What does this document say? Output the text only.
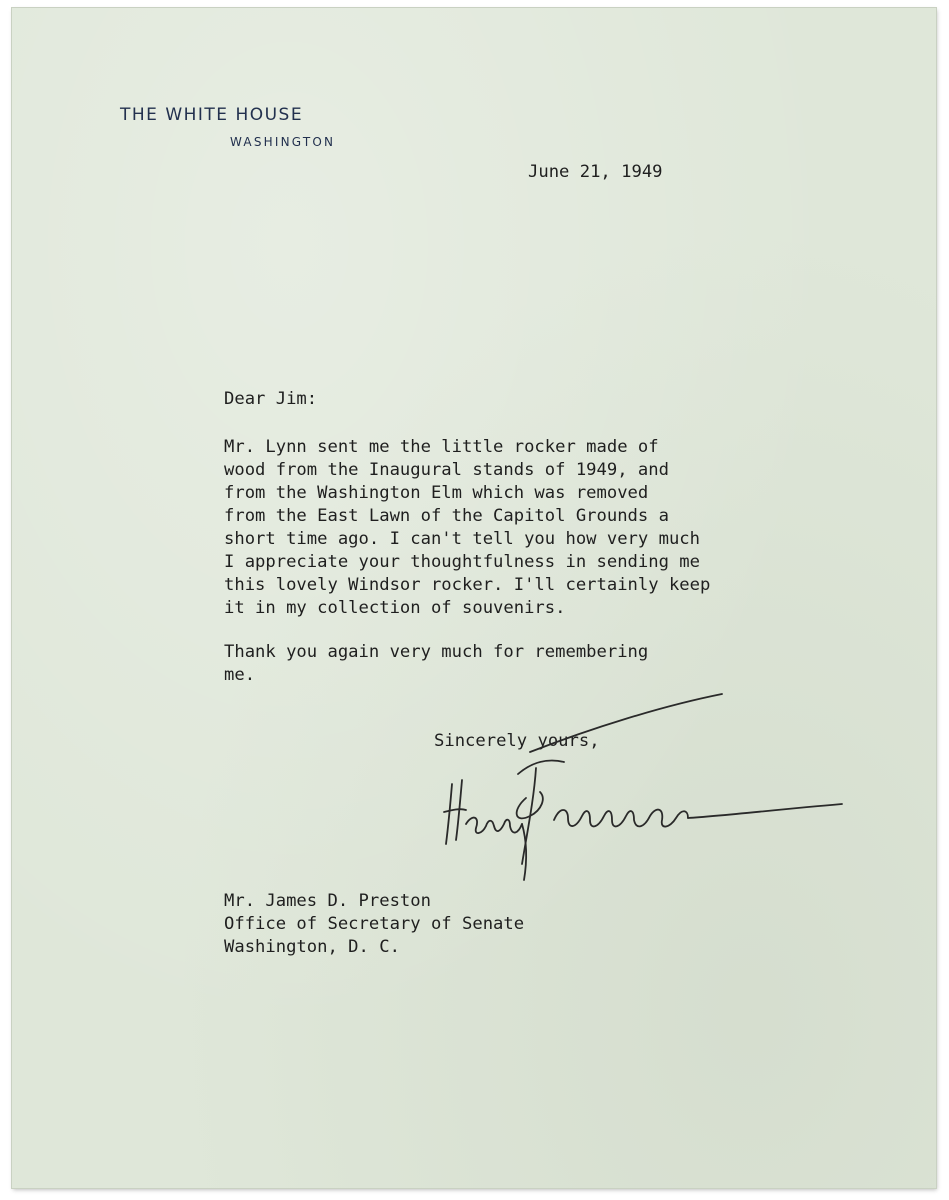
THE WHITE HOUSE
WASHINGTON
June 21, 1949
Dear Jim:
Mr. Lynn sent me the little rocker made of
wood from the Inaugural stands of 1949, and
from the Washington Elm which was removed
from the East Lawn of the Capitol Grounds a
short time ago. I can't tell you how very much
I appreciate your thoughtfulness in sending me
this lovely Windsor rocker. I'll certainly keep
it in my collection of souvenirs.
Thank you again very much for remembering
me.
Sincerely yours,
Mr. James D. Preston
Office of Secretary of Senate
Washington, D. C.
